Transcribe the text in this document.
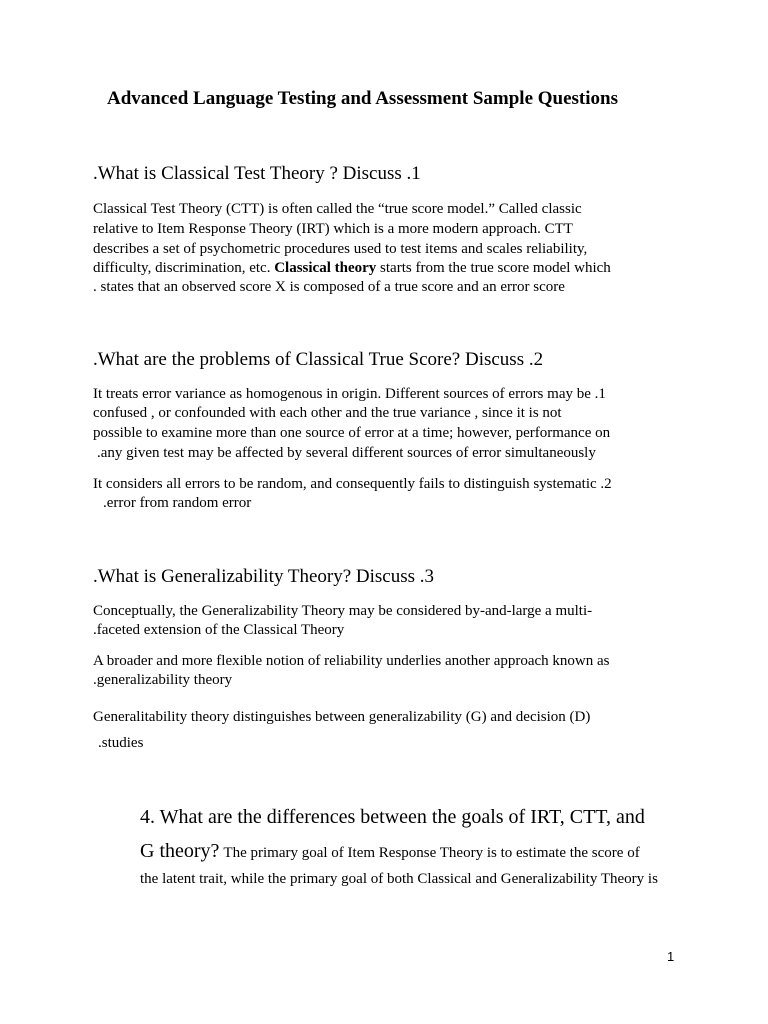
Advanced Language Testing and Assessment Sample Questions
.What is Classical Test Theory ? Discuss .1
Classical Test Theory (CTT) is often called the “true score model.” Called classic
relative to Item Response Theory (IRT) which is a more modern approach. CTT
describes a set of psychometric procedures used to test items and scales reliability,
difficulty, discrimination, etc. Classical theory starts from the true score model which
. states that an observed score X is composed of a true score and an error score
.What are the problems of Classical True Score? Discuss .2
It treats error variance as homogenous in origin. Different sources of errors may be .1
confused , or confounded with each other and the true variance , since it is not
possible to examine more than one source of error at a time; however, performance on
.any given test may be affected by several different sources of error simultaneously
It considers all errors to be random, and consequently fails to distinguish systematic .2
.error from random error
.What is Generalizability Theory? Discuss .3
Conceptually, the Generalizability Theory may be considered by-and-large a multi-
.faceted extension of the Classical Theory
A broader and more flexible notion of reliability underlies another approach known as
.generalizability theory
Generalitability theory distinguishes between generalizability (G) and decision (D)
.studies
4. What are the differences between the goals of IRT, CTT, and
G theory? The primary goal of Item Response Theory is to estimate the score of
the latent trait, while the primary goal of both Classical and Generalizability Theory is
1
